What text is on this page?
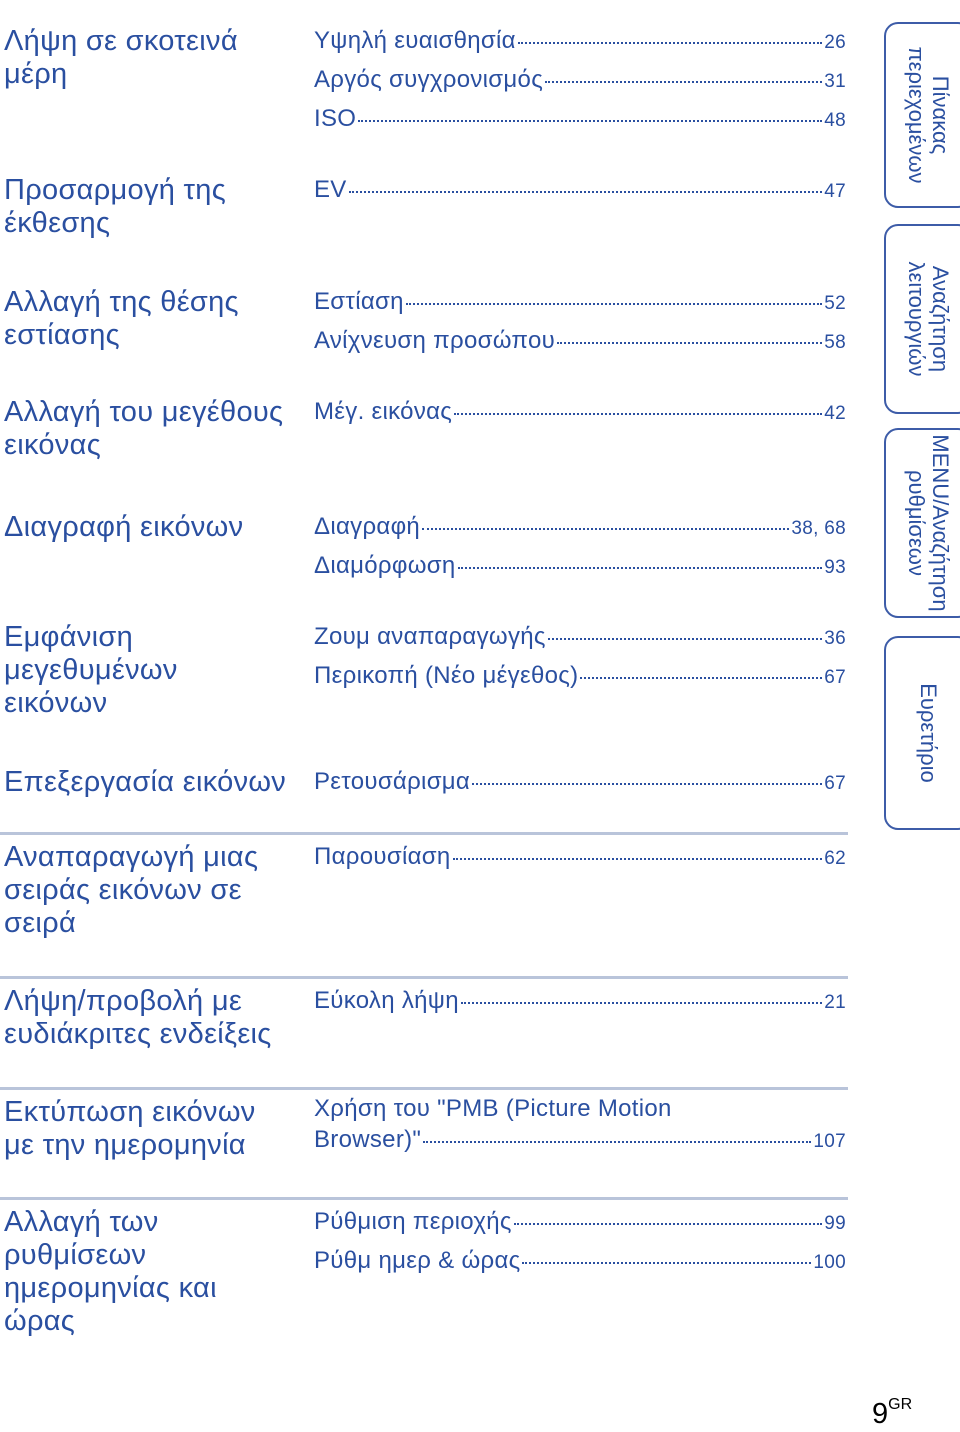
Λήψη σε σκοτεινά
μέρη
Υψηλή ευαισθησία	26
Αργός συγχρονισμός	31
ISO	48
Προσαρμογή της
έκθεσης
EV	47
Αλλαγή της θέσης
εστίασης
Εστίαση	52
Ανίχνευση προσώπου	58
Αλλαγή του μεγέθους
εικόνας
Μέγ. εικόνας	42
Διαγραφή εικόνων	Διαγραφή	38, 68
Διαμόρφωση	93
Εμφάνιση
μεγεθυμένων
εικόνων
Ζουμ αναπαραγωγής	36
Περικοπή (Νέο μέγεθος)	67
Επεξεργασία εικόνων	Ρετουσάρισμα	67
Αναπαραγωγή μιας
σειράς εικόνων σε
σειρά
Παρουσίαση	62
Λήψη/προβολή με
ευδιάκριτες ενδείξεις
Εύκολη λήψη	21
Εκτύπωση εικόνων
με την ημερομηνία
Χρήση του "PMB (Picture Motion
Browser)"	107
Αλλαγή των
ρυθμίσεων
ημερομηνίας και
ώρας
Ρύθμιση περιοχής	99
Ρύθμ ημερ & ώρας	100
Πίνακας
περιεχομένων
Αναζήτηση
λειτουργιών
MENU/Αναζήτηση
ρυθμίσεων
Ευρετήριο
$9^{GR}$
